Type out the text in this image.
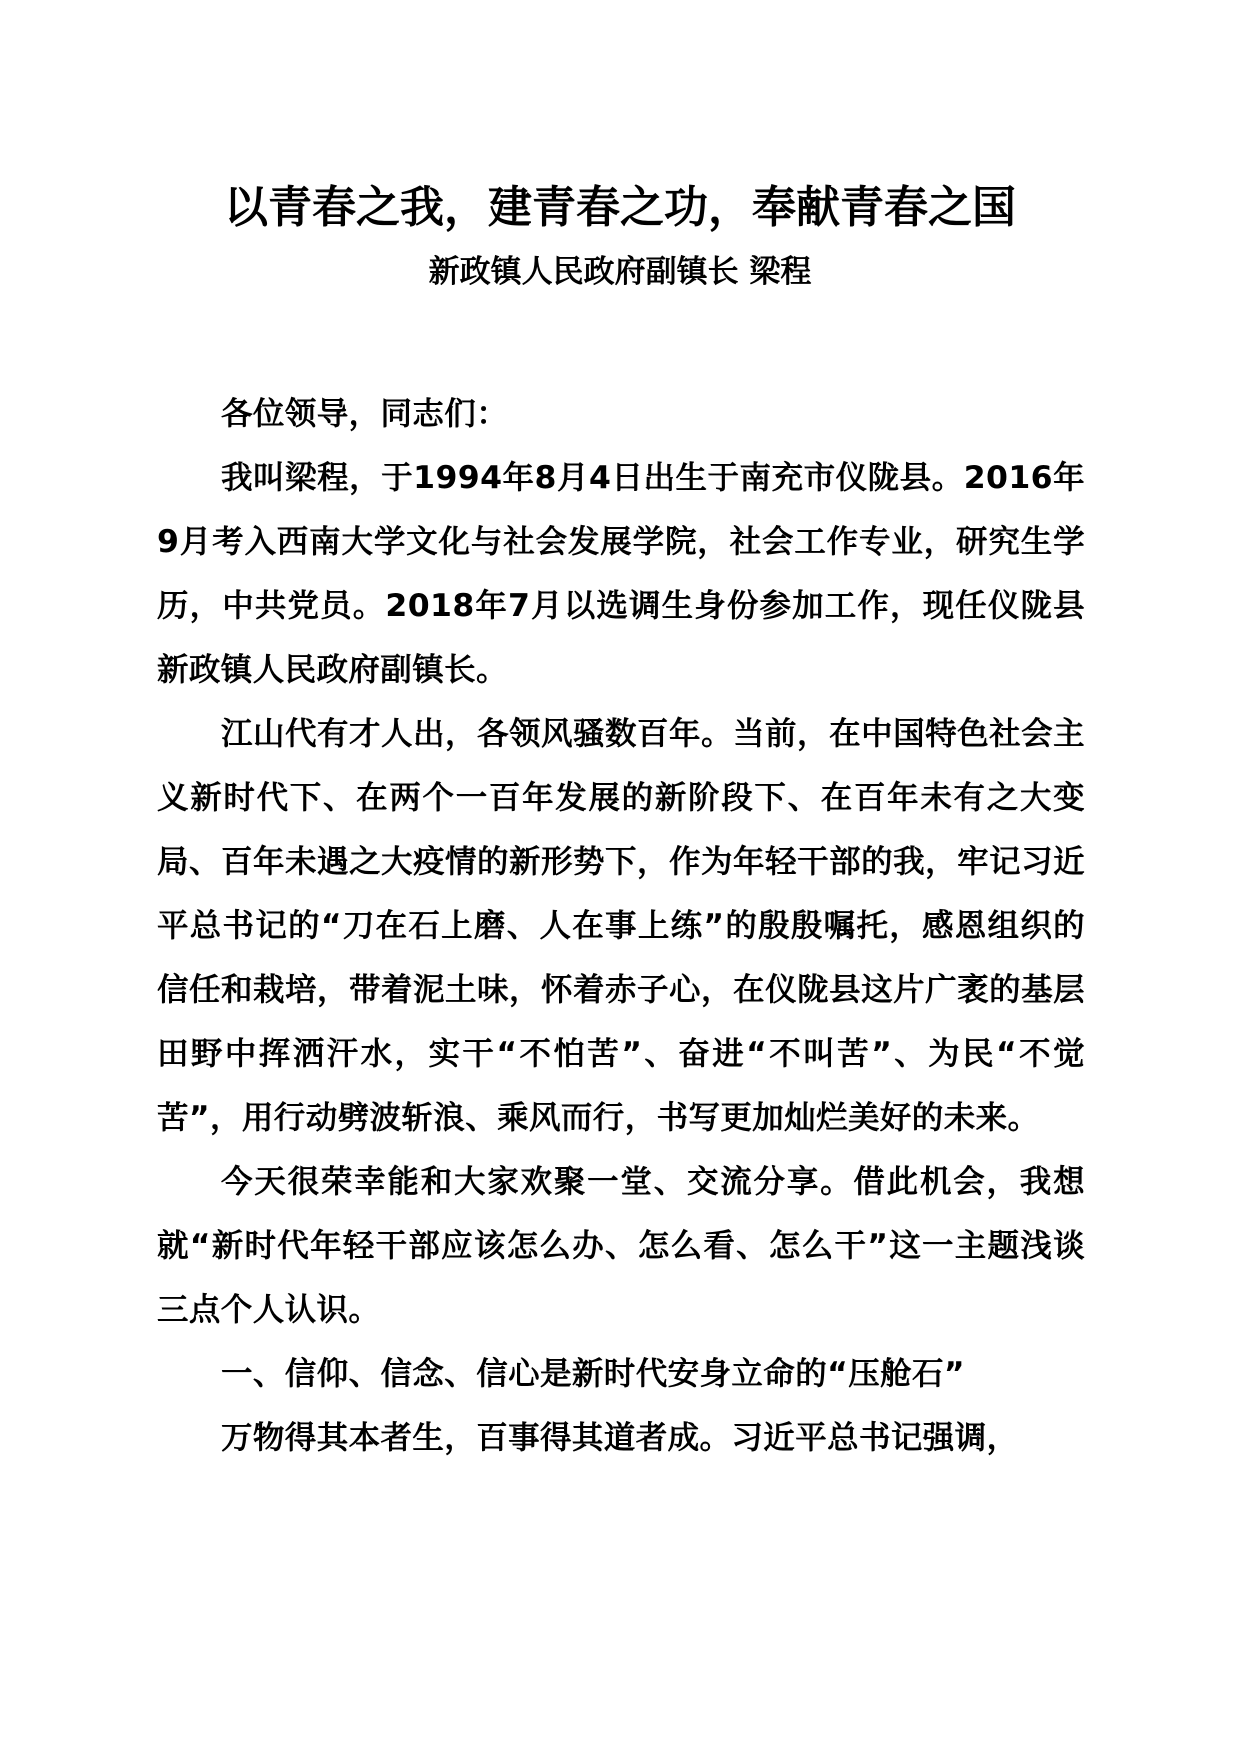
以青春之我，建青春之功，奉献青春之国
新政镇人民政府副镇长 梁程

各位领导，同志们：

我叫梁程，于1994年8月4日出生于南充市仪陇县。2016年9月考入西南大学文化与社会发展学院，社会工作专业，研究生学历，中共党员。2018年7月以选调生身份参加工作，现任仪陇县新政镇人民政府副镇长。

江山代有才人出，各领风骚数百年。当前，在中国特色社会主义新时代下、在两个一百年发展的新阶段下、在百年未有之大变局、百年未遇之大疫情的新形势下，作为年轻干部的我，牢记习近平总书记的“刀在石上磨、人在事上练”的殷殷嘱托，感恩组织的信任和栽培，带着泥土味，怀着赤子心，在仪陇县这片广袤的基层田野中挥洒汗水，实干“不怕苦”、奋进“不叫苦”、为民“不觉苦”，用行动劈波斩浪、乘风而行，书写更加灿烂美好的未来。

今天很荣幸能和大家欢聚一堂、交流分享。借此机会，我想就“新时代年轻干部应该怎么办、怎么看、怎么干”这一主题浅谈三点个人认识。

一、信仰、信念、信心是新时代安身立命的“压舱石”

万物得其本者生，百事得其道者成。习近平总书记强调，
